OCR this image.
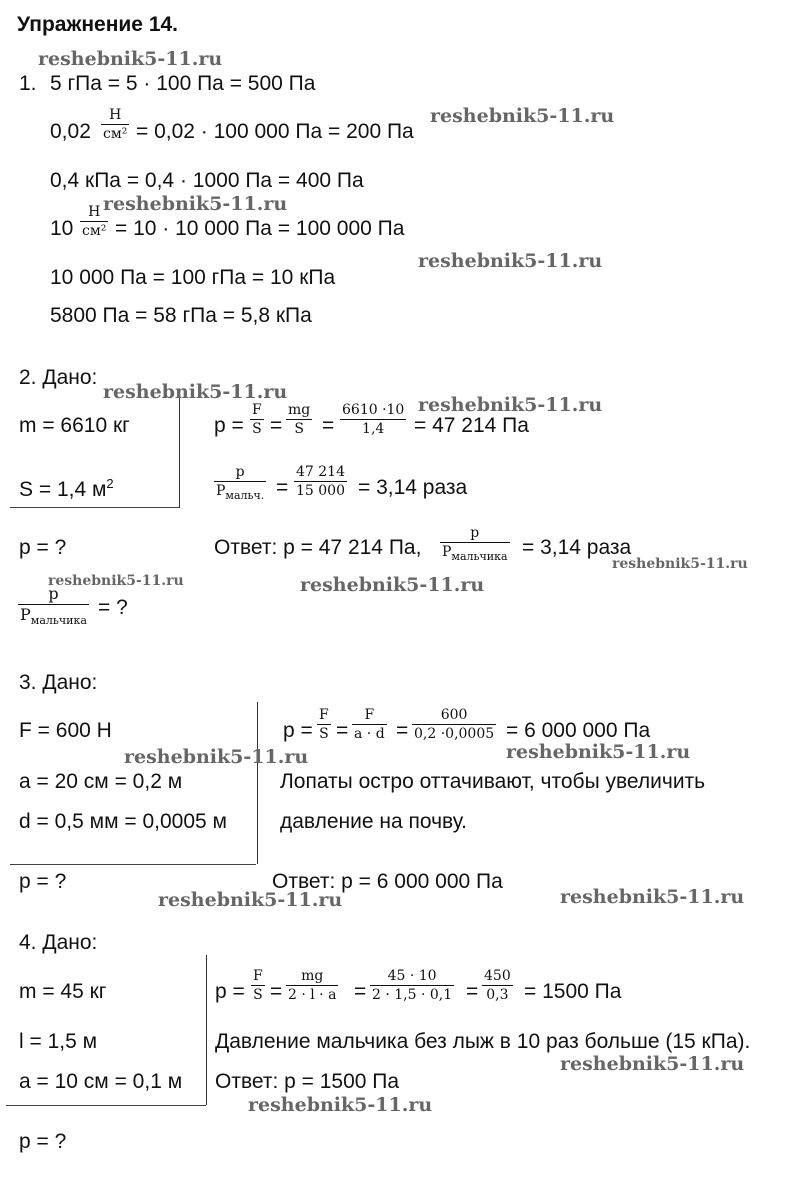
Упражнение 14.
1. 5 гПа = 5 · 100 Па = 500 Па
0,02
Н
см² = 0,02 · 100 000 Па = 200 Па
0,4 кПа = 0,4 · 1000 Па = 400 Па
10
Н
см² = 10 · 10 000 Па = 100 000 Па
10 000 Па = 100 гПа = 10 кПа
5800 Па = 58 гПа = 5,8 кПа
2. Дано:
m = 6610 кг
S = 1,4 $м^2$
p = ?
p
$P_{мальчика}$
= ?
p =
F
S =
mg
S =
6610 ·10
1,4 = 47 214 Па
p
$P_{мальч.}$ =
47 214
15 000 = 3,14 раза
Ответ: p = 47 214 Па,
p
$P_{мальчика} = 3,14$ раза
3. Дано:
F = 600 Н
a = 20 см = 0,2 м
d = 0,5 мм = 0,0005 м
p = ?
p =
F
S =
F
a · d =
600
0,2 ·0,0005 = 6 000 000 Па
Лопаты остро оттачивают, чтобы увеличить
давление на почву.
Ответ: p = 6 000 000 Па
4. Дано:
m = 45 кг
l = 1,5 м
a = 10 см = 0,1 м
p = ?
p =
F
S =
mg
2 · l · a =
45 · 10
2 · 1,5 · 0,1 =
450
0,3 = 1500 Па
Давление мальчика без лыж в 10 раз больше (15 кПа).
Ответ: p = 1500 Па
reshebnik5-11.ru
reshebnik5-11.ru
reshebnik5-11.ru
reshebnik5-11.ru
reshebnik5-11.ru
reshebnik5-11.ru
reshebnik5-11.ru
reshebnik5-11.ru	reshebnik5-11.ru
reshebnik5-11.ru	reshebnik5-11.ru
reshebnik5-11.ru	reshebnik5-11.ru
reshebnik5-11.ru
reshebnik5-11.ru
